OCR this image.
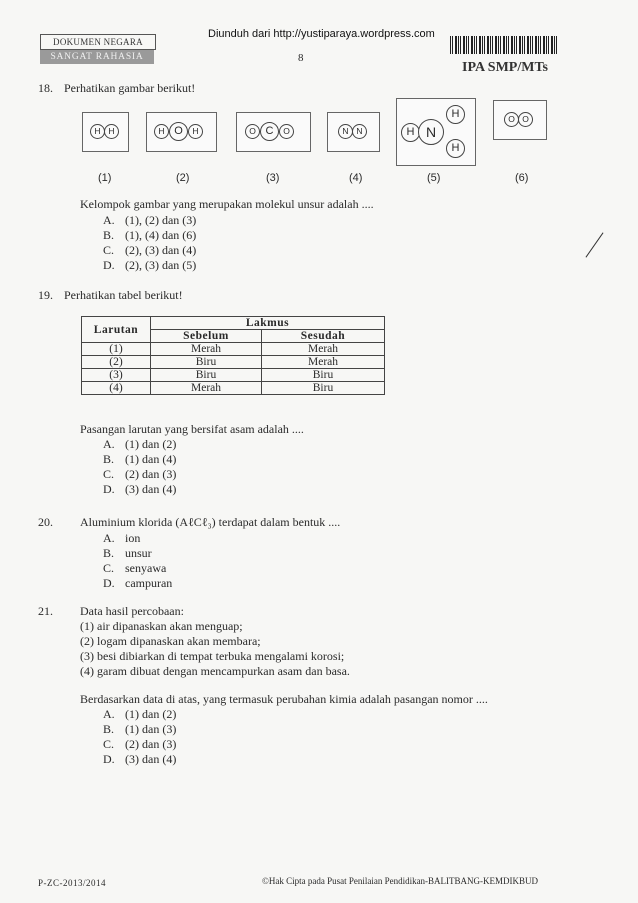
DOKUMEN NEGARA
SANGAT RAHASIA
Diunduh dari http://yustiparaya.wordpress.com
8
IPA SMP/MTs
18. Perhatikan gambar berikut!
H H	H O	H	O C	O	N N	H N
H
H
O O
(1)	(2)	(3)	(4)	(5)	(6)
Kelompok gambar yang merupakan molekul unsur adalah ....
A. (1), (2) dan (3)
B. (1), (4) dan (6)
C. (2), (3) dan (4)
D. (2), (3) dan (5)
19. Perhatikan tabel berikut!
Larutan	Lakmus	
	Sebelum	Sesudah
(1)	Merah	Merah
(2)	Biru	Merah
(3)	Biru	Biru
(4)	Merah	Biru
Pasangan larutan yang bersifat asam adalah ....
A. (1) dan (2)
B. (1) dan (4)
C. (2) dan (3)
D. (3) dan (4)
20. Aluminium klorida (AℓCℓ₃) terdapat dalam bentuk ....
A. ion
B. unsur
C. senyawa
D. campuran
21. Data hasil percobaan:
(1) air dipanaskan akan menguap;
(2) logam dipanaskan akan membara;
(3) besi dibiarkan di tempat terbuka mengalami korosi;
(4) garam dibuat dengan mencampurkan asam dan basa.
Berdasarkan data di atas, yang termasuk perubahan kimia adalah pasangan nomor ....
A. (1) dan (2)
B. (1) dan (3)
C. (2) dan (3)
D. (3) dan (4)
P-ZC-2013/2014	©Hak Cipta pada Pusat Penilaian Pendidikan-BALITBANG-KEMDIKBUD
